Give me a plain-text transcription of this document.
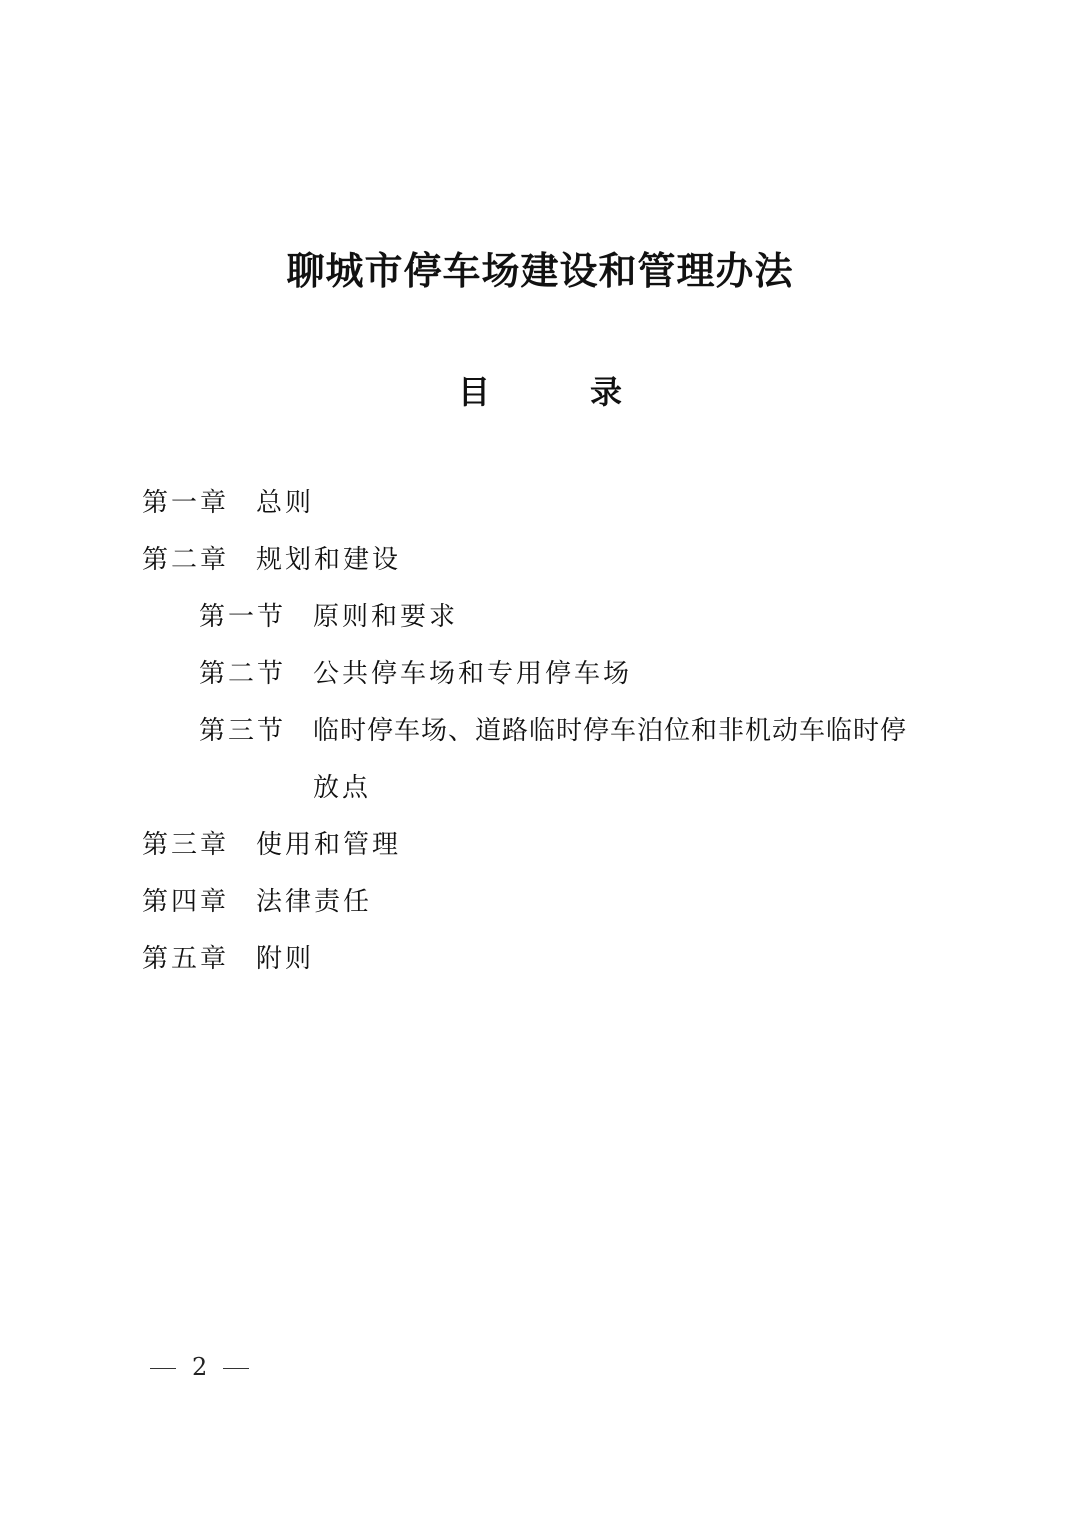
聊城市停车场建设和管理办法
目	录
第一章 总则
第二章 规划和建设
第一节 原则和要求
第二节 公共停车场和专用停车场
第三节 临时停车场、道路临时停车泊位和非机动车临时停
放点
第三章 使用和管理
第四章 法律责任
第五章 附则
2
